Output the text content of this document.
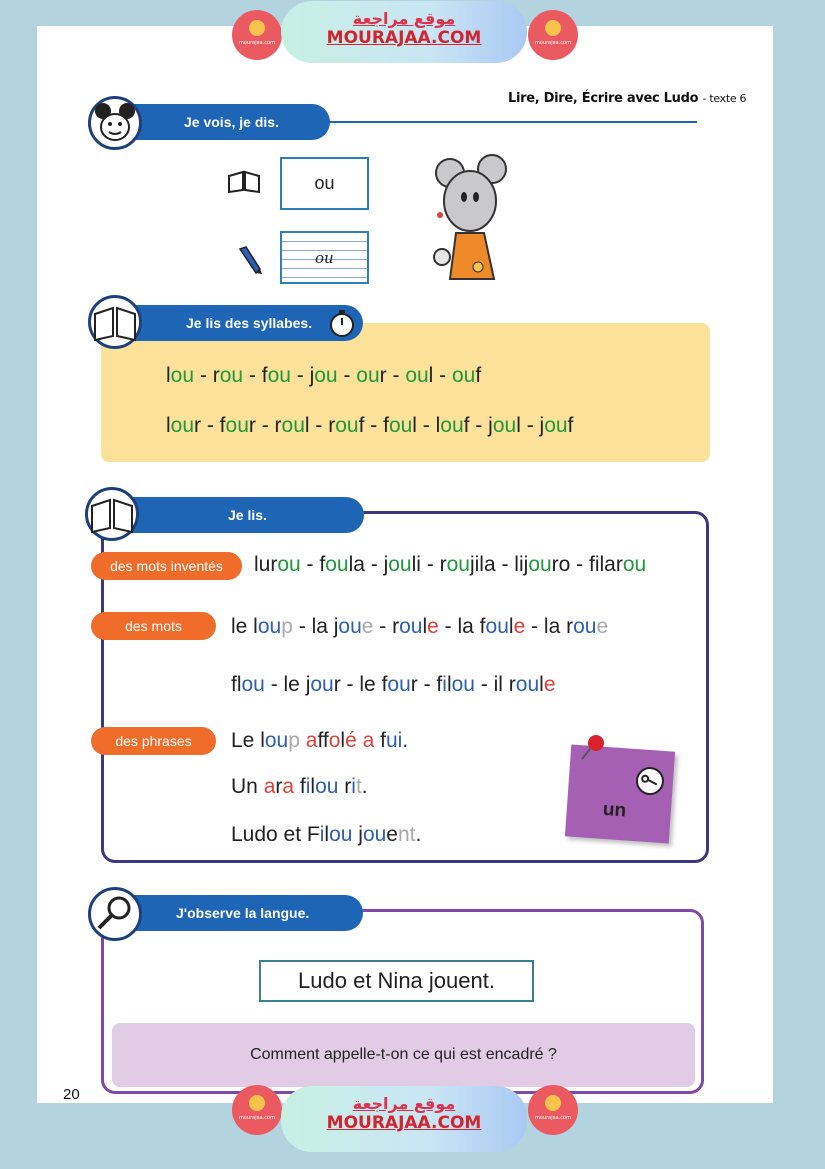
mourajaa.com
موقع مراجعة
MOURAJAA.COM	mourajaa.com
Lire, Dire, Écrire avec Ludo - texte 6
Je vois, je dis.
ou
ou
Je lis des syllabes.
lou - rou - fou - jou - our - oul - ouf
lour - four - roul - rouf - foul - louf - joul - jouf
Je lis.
des mots inventés	lurou - foula - jouli - roujila - lijouro - filarou
des mots	le loup - la joue - roule - la foule - la roue
flou - le jour - le four - filou - il roule
des phrases	Le loup affolé a fui.
Un ara filou rit.
Ludo et Filou jouent.
un
J'observe la langue.
Ludo et Nina jouent.
Comment appelle-t-on ce qui est encadré ?
20
mourajaa.com
موقع مراجعة
MOURAJAA.COM	mourajaa.com
